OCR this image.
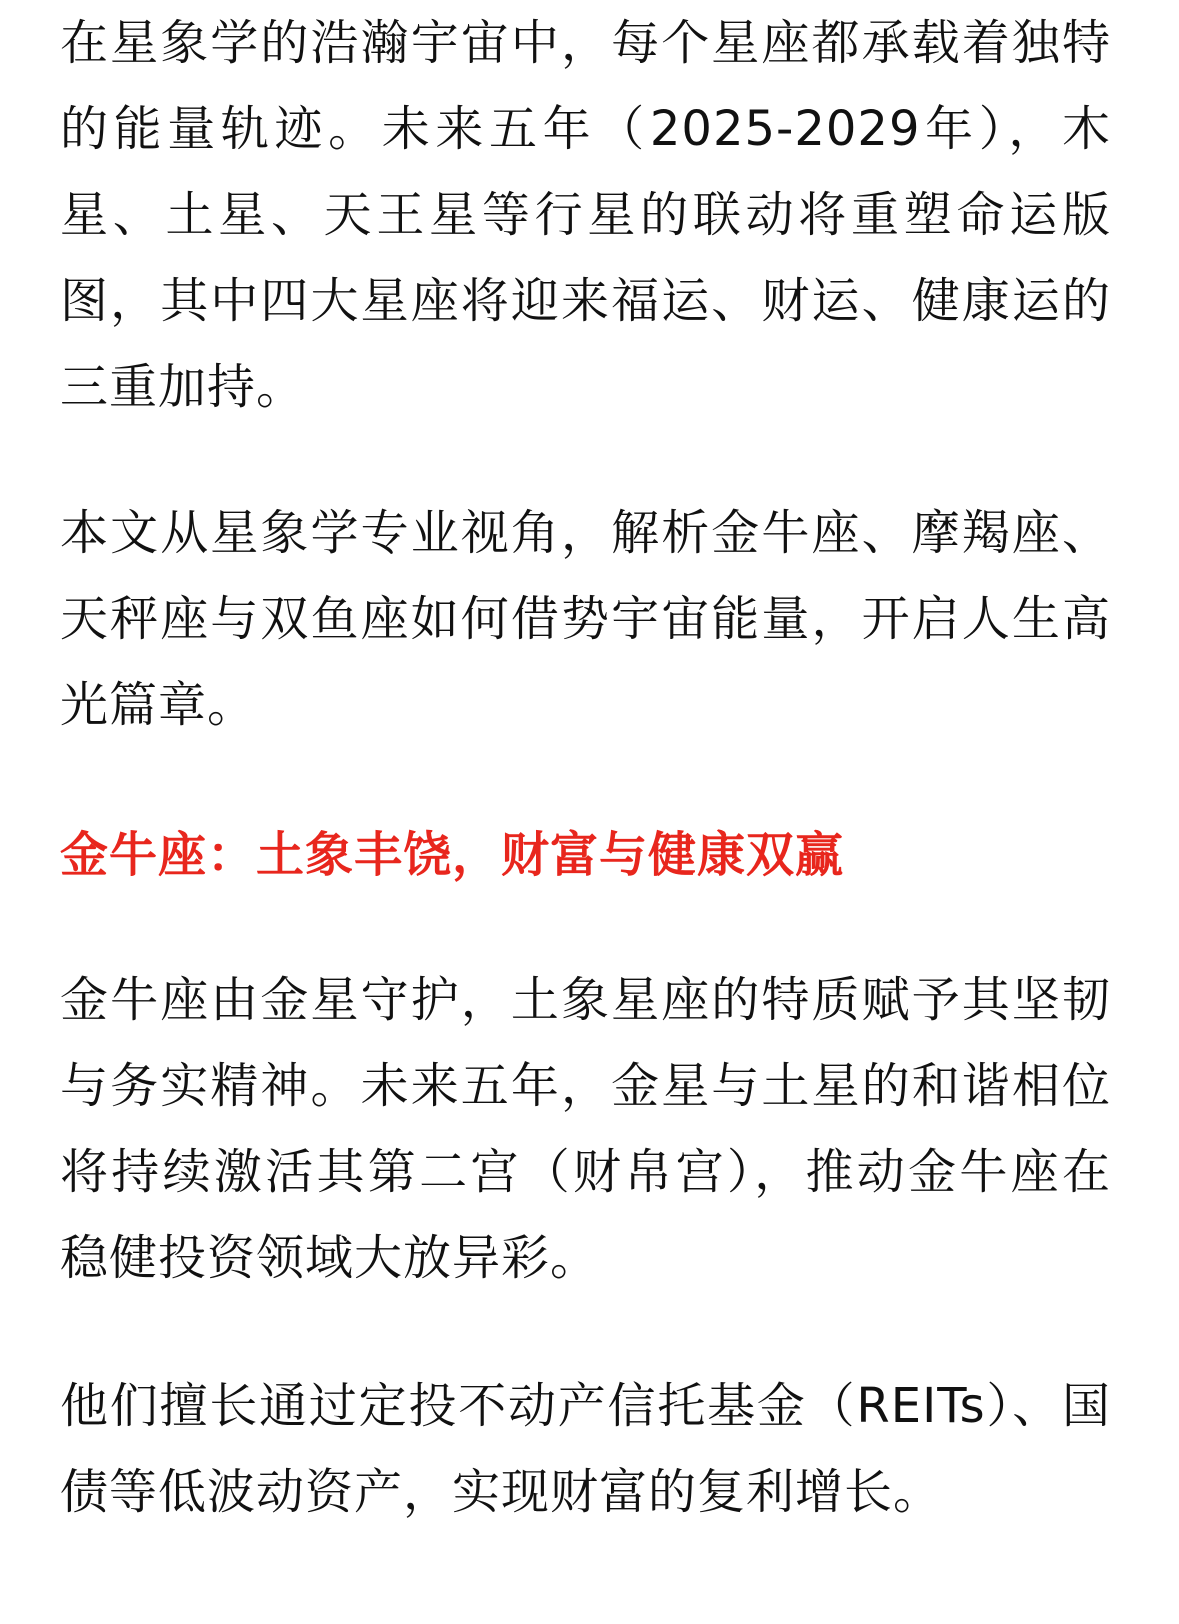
在星象学的浩瀚宇宙中，每个星座都承载着独特的能量轨迹。未来五年（2025-2029年），木星、土星、天王星等行星的联动将重塑命运版图，其中四大星座将迎来福运、财运、健康运的三重加持。

本文从星象学专业视角，解析金牛座、摩羯座、天秤座与双鱼座如何借势宇宙能量，开启人生高光篇章。

金牛座：土象丰饶，财富与健康双赢

金牛座由金星守护，土象星座的特质赋予其坚韧与务实精神。未来五年，金星与土星的和谐相位将持续激活其第二宫（财帛宫），推动金牛座在稳健投资领域大放异彩。

他们擅长通过定投不动产信托基金（REITs）、国债等低波动资产，实现财富的复利增长。
